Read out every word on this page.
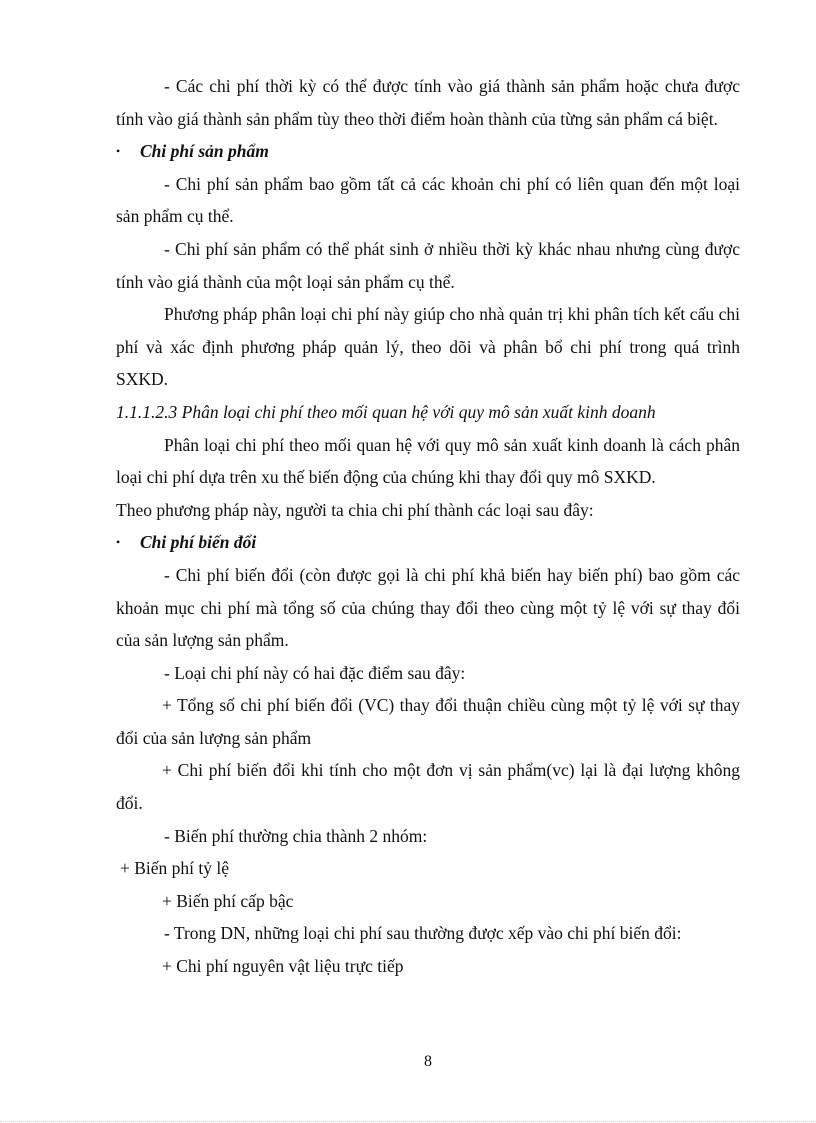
- Các chi phí thời kỳ có thể được tính vào giá thành sản phẩm hoặc chưa được tính vào giá thành sản phẩm tùy theo thời điểm hoàn thành của từng sản phẩm cá biệt.

• Chi phí sản phẩm

- Chi phí sản phẩm bao gồm tất cả các khoản chi phí có liên quan đến một loại sản phẩm cụ thể.

- Chi phí sản phẩm có thể phát sinh ở nhiều thời kỳ khác nhau nhưng cùng được tính vào giá thành của một loại sản phẩm cụ thể.

Phương pháp phân loại chi phí này giúp cho nhà quản trị khi phân tích kết cấu chi phí và xác định phương pháp quản lý, theo dõi và phân bổ chi phí trong quá trình SXKD.

1.1.1.2.3 Phân loại chi phí theo mối quan hệ với quy mô sản xuất kinh doanh

Phân loại chi phí theo mối quan hệ với quy mô sản xuất kinh doanh là cách phân loại chi phí dựa trên xu thế biến động của chúng khi thay đổi quy mô SXKD.

Theo phương pháp này, người ta chia chi phí thành các loại sau đây:

• Chi phí biến đổi

- Chi phí biến đổi (còn được gọi là chi phí khả biến hay biến phí) bao gồm các khoản mục chi phí mà tổng số của chúng thay đổi theo cùng một tỷ lệ với sự thay đổi của sản lượng sản phẩm.

- Loại chi phí này có hai đặc điểm sau đây:

+ Tổng số chi phí biến đổi (VC) thay đổi thuận chiều cùng một tỷ lệ với sự thay đổi của sản lượng sản phẩm

+ Chi phí biến đổi khi tính cho một đơn vị sản phẩm(vc) lại là đại lượng không đổi.

- Biến phí thường chia thành 2 nhóm:

+ Biến phí tỷ lệ

+ Biến phí cấp bậc

- Trong DN, những loại chi phí sau thường được xếp vào chi phí biến đổi:

+ Chi phí nguyên vật liệu trực tiếp

8
